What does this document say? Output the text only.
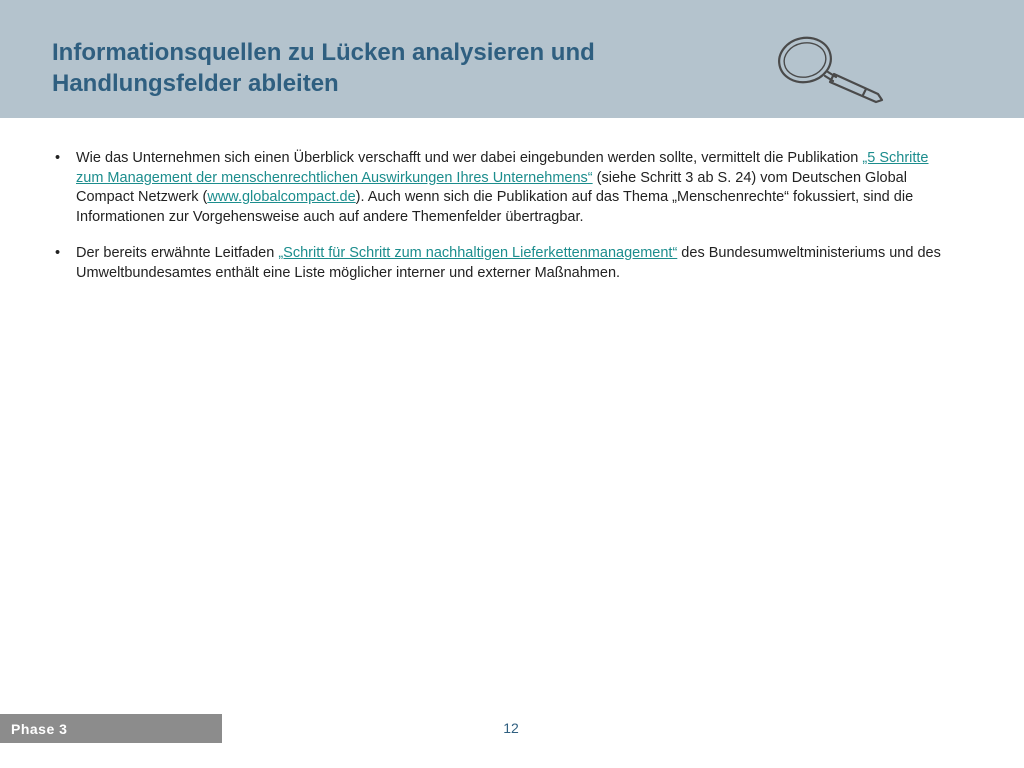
Informationsquellen zu Lücken analysieren und
Handlungsfelder ableiten
• Wie das Unternehmen sich einen Überblick verschafft und wer dabei eingebunden werden sollte, vermittelt die Publikation „5 Schritte zum Management der menschenrechtlichen Auswirkungen Ihres Unternehmens“ (siehe Schritt 3 ab S. 24) vom Deutschen Global Compact Netzwerk (www.globalcompact.de). Auch wenn sich die Publikation auf das Thema „Menschenrechte“ fokussiert, sind die Informationen zur Vorgehensweise auch auf andere Themenfelder übertragbar.
• Der bereits erwähnte Leitfaden „Schritt für Schritt zum nachhaltigen Lieferkettenmanagement“ des Bundesumweltministeriums und des Umweltbundesamtes enthält eine Liste möglicher interner und externer Maßnahmen.
Phase 3	12
